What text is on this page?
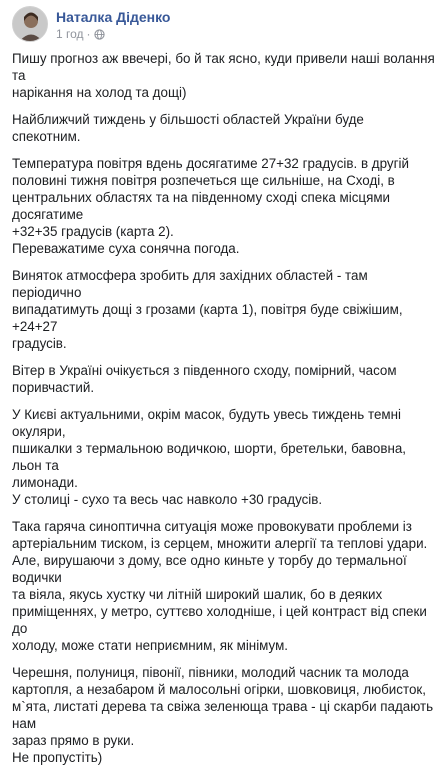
Наталка Діденко
1 год ·

Пишу прогноз аж ввечері, бо й так ясно, куди привели наші волання та
нарікання на холод та дощі)

Найближчий тиждень у більшості областей України буде спекотним.

Температура повітря вдень досягатиме 27+32 градусів. в другій
половині тижня повітря розпечеться ще сильніше, на Сході, в
центральних областях та на південному сході спека місцями досягатиме
+32+35 градусів (карта 2).
Переважатиме суха сонячна погода.

Виняток атмосфера зробить для західних областей - там періодично
випадатимуть дощі з грозами (карта 1), повітря буде свіжішим, +24+27
градусів.

Вітер в Україні очікується з південного сходу, помірний, часом
поривчастий.

У Києві актуальними, окрім масок, будуть увесь тиждень темні окуляри,
пшикалки з термальною водичкою, шорти, бретельки, бавовна, льон та
лимонади.
У столиці - сухо та весь час навколо +30 градусів.

Така гаряча синоптична ситуація може провокувати проблеми із
артеріальним тиском, із серцем, множити алергії та теплові удари.
Але, вирушаючи з дому, все одно киньте у торбу до термальної водички
та віяла, якусь хустку чи літній широкий шалик, бо в деяких
приміщеннях, у метро, суттєво холодніше, і цей контраст від спеки до
холоду, може стати неприємним, як мінімум.

Черешня, полуниця, півонії, півники, молодий часник та молода
картопля, а незабаром й малосольні огірки, шовковиця, любисток,
м`ята, листаті дерева та свіжа зеленюща трава - ці скарби падають нам
зараз прямо в руки.
Не пропустіть)
